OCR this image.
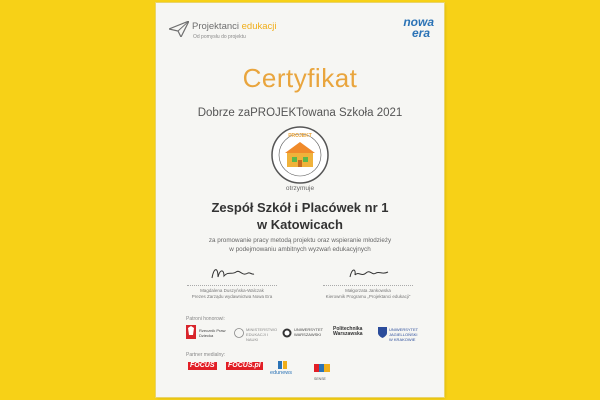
Projektanci edukacji
Od pomysłu do projektu
nowa
era
Certyfikat
Dobrze zaPROJEKTowana Szkoła 2021
PROJEKT
otrzymuje
Zespół Szkół i Placówek nr 1
w Katowicach
za promowanie pracy metodą projektu oraz wspieranie młodzieży
w podejmowaniu ambitnych wyzwań edukacyjnych
Magdalena Duszyńska-Walczak
Prezes Zarządu wydawnictwa Nowa Era
Małgorzata Jankowska
Kierownik Programu „Projektanci edukacji”
Patroni honorowi:
Rzecznik Praw Dziecka
MINISTERSTWO EDUKACJI I NAUKI
UNIWERSYTET WARSZAWSKI
Politechnika Warszawska
UNIWERSYTET JAGIELLOŃSKI W KRAKOWIE
Partner medialny:
FOCUS FOCUS.pl
edunews
SENSE
